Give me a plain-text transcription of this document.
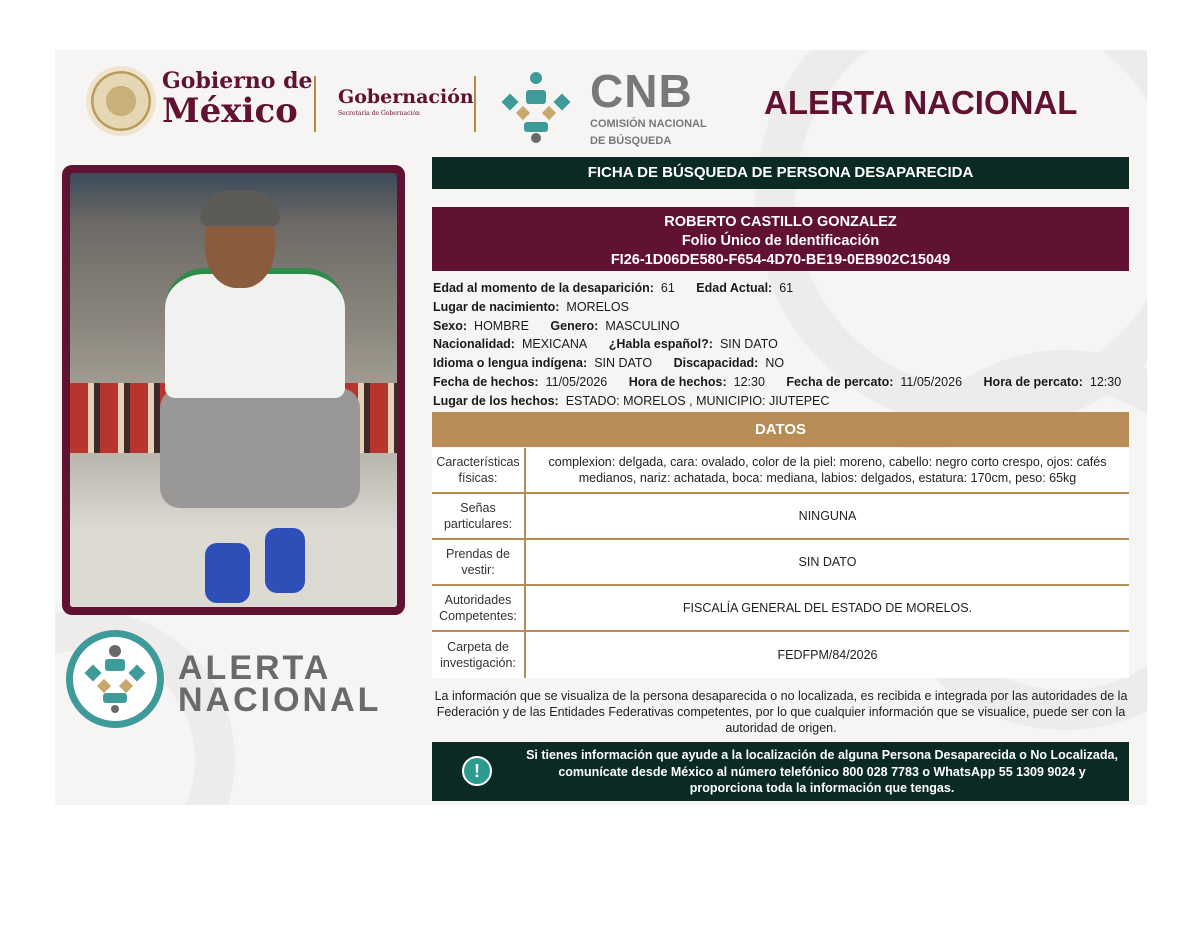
Gobierno de
México	Gobernación
Secretaría de Gobernación	CNB
COMISIÓN NACIONAL
DE BÚSQUEDA
ALERTA NACIONAL
ALERTA
NACIONAL
FICHA DE BÚSQUEDA DE PERSONA DESAPARECIDA
ROBERTO CASTILLO GONZALEZ
Folio Único de Identificación
FI26-1D06DE580-F654-4D70-BE19-0EB902C15049
Edad al momento de la desaparición: 61 Edad Actual: 61
Lugar de nacimiento: MORELOS
Sexo: HOMBRE Genero: MASCULINO
Nacionalidad: MEXICANA ¿Habla español?: SIN DATO
Idioma o lengua indígena: SIN DATO Discapacidad: NO
Fecha de hechos: 11/05/2026 Hora de hechos: 12:30 Fecha de percato: 11/05/2026 Hora de percato: 12:30
Lugar de los hechos: ESTADO: MORELOS , MUNICIPIO: JIUTEPEC
DATOS
Características físicas:
complexion: delgada, cara: ovalado, color de la piel: moreno, cabello: negro corto crespo, ojos: cafés medianos, nariz: achatada, boca: mediana, labios: delgados, estatura: 170cm, peso: 65kg
Señas particulares:
NINGUNA
Prendas de vestir:
SIN DATO
Autoridades Competentes:
FISCALÍA GENERAL DEL ESTADO DE MORELOS.
Carpeta de investigación:
FEDFPM/84/2026
La información que se visualiza de la persona desaparecida o no localizada, es recibida e integrada por las autoridades de la Federación y de las Entidades Federativas competentes, por lo que cualquier información que se visualice, puede ser con la autoridad de origen.
!
Si tienes información que ayude a la localización de alguna Persona Desaparecida o No Localizada, comunícate desde México al número telefónico 800 028 7783 o WhatsApp 55 1309 9024 y proporciona toda la información que tengas.
